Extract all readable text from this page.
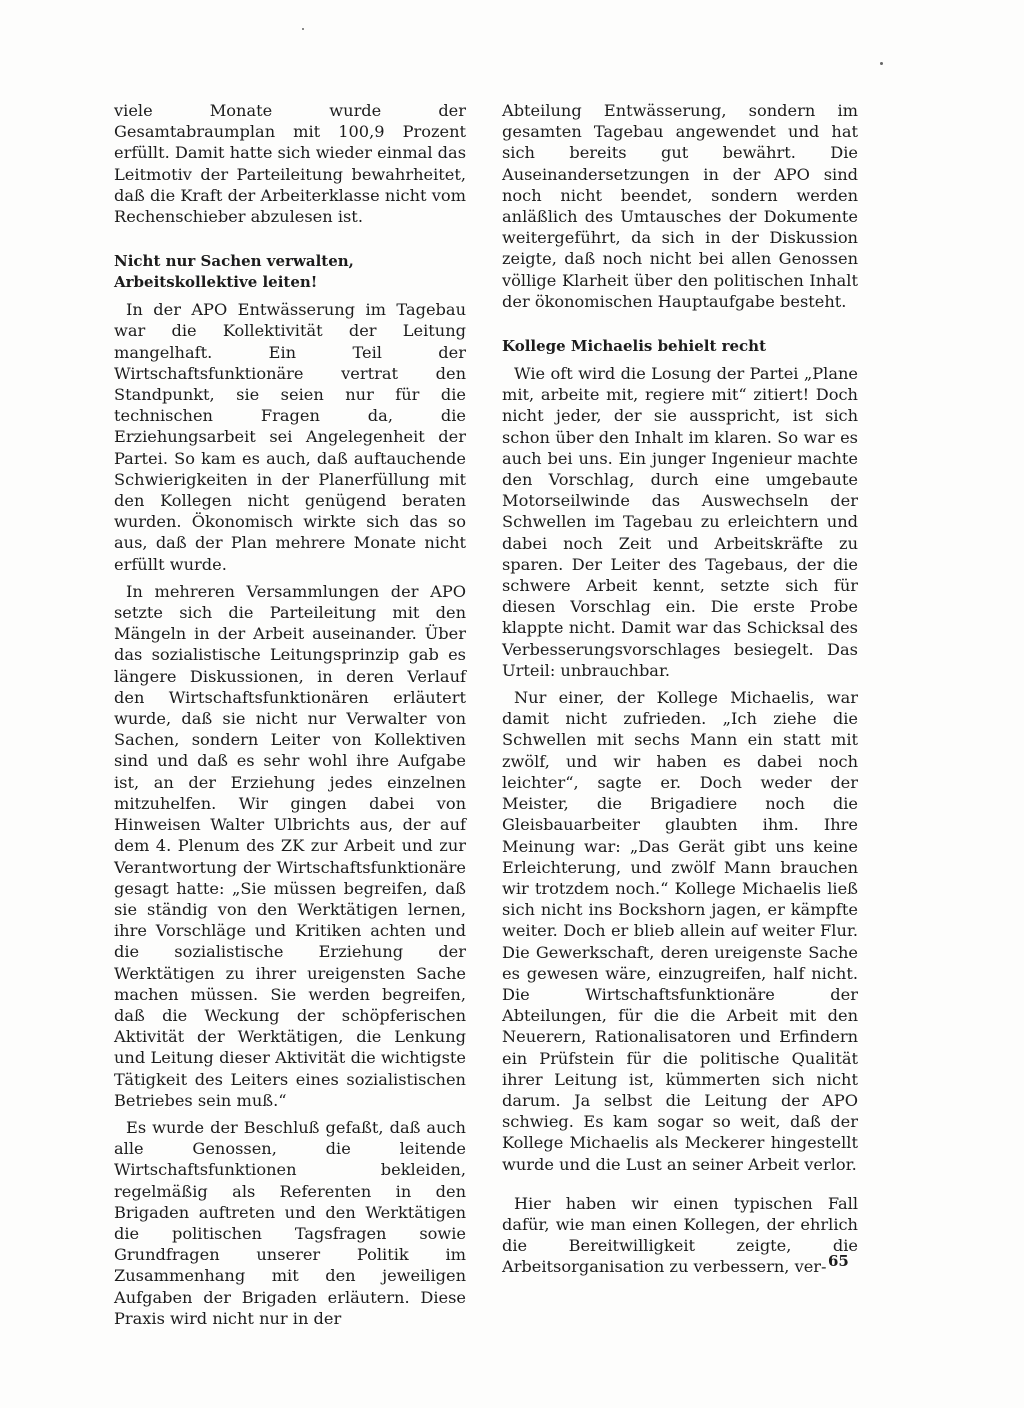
viele Monate wurde der Gesamtabraumplan mit 100,9 Prozent erfüllt. Damit hatte sich wieder einmal das Leitmotiv der Parteileitung bewahrheitet, daß die Kraft der Arbeiterklasse nicht vom Rechenschieber abzulesen ist.

Nicht nur Sachen verwalten, Arbeitskollektive leiten!

In der APO Entwässerung im Tagebau war die Kollektivität der Leitung mangelhaft. Ein Teil der Wirtschaftsfunktionäre vertrat den Standpunkt, sie seien nur für die technischen Fragen da, die Erziehungsarbeit sei Angelegenheit der Partei. So kam es auch, daß auftauchende Schwierigkeiten in der Planerfüllung mit den Kollegen nicht genügend beraten wurden. Ökonomisch wirkte sich das so aus, daß der Plan mehrere Monate nicht erfüllt wurde.

In mehreren Versammlungen der APO setzte sich die Parteileitung mit den Mängeln in der Arbeit auseinander. Über das sozialistische Leitungsprinzip gab es längere Diskussionen, in deren Verlauf den Wirtschaftsfunktionären erläutert wurde, daß sie nicht nur Verwalter von Sachen, sondern Leiter von Kollektiven sind und daß es sehr wohl ihre Aufgabe ist, an der Erziehung jedes einzelnen mitzuhelfen. Wir gingen dabei von Hinweisen Walter Ulbrichts aus, der auf dem 4. Plenum des ZK zur Arbeit und zur Verantwortung der Wirtschaftsfunktionäre gesagt hatte: „Sie müssen begreifen, daß sie ständig von den Werktätigen lernen, ihre Vorschläge und Kritiken achten und die sozialistische Erziehung der Werktätigen zu ihrer ureigensten Sache machen müssen. Sie werden begreifen, daß die Weckung der schöpferischen Aktivität der Werktätigen, die Lenkung und Leitung dieser Aktivität die wichtigste Tätigkeit des Leiters eines sozialistischen Betriebes sein muß.“

Es wurde der Beschluß gefaßt, daß auch alle Genossen, die leitende Wirtschaftsfunktionen bekleiden, regelmäßig als Referenten in den Brigaden auftreten und den Werktätigen die politischen Tagsfragen sowie Grundfragen unserer Politik im Zusammenhang mit den jeweiligen Aufgaben der Brigaden erläutern. Diese Praxis wird nicht nur in der

Abteilung Entwässerung, sondern im gesamten Tagebau angewendet und hat sich bereits gut bewährt. Die Auseinandersetzungen in der APO sind noch nicht beendet, sondern werden anläßlich des Umtausches der Dokumente weitergeführt, da sich in der Diskussion zeigte, daß noch nicht bei allen Genossen völlige Klarheit über den politischen Inhalt der ökonomischen Hauptaufgabe besteht.

Kollege Michaelis behielt recht

Wie oft wird die Losung der Partei „Plane mit, arbeite mit, regiere mit“ zitiert! Doch nicht jeder, der sie ausspricht, ist sich schon über den Inhalt im klaren. So war es auch bei uns. Ein junger Ingenieur machte den Vorschlag, durch eine umgebaute Motorseilwinde das Auswechseln der Schwellen im Tagebau zu erleichtern und dabei noch Zeit und Arbeitskräfte zu sparen. Der Leiter des Tagebaus, der die schwere Arbeit kennt, setzte sich für diesen Vorschlag ein. Die erste Probe klappte nicht. Damit war das Schicksal des Verbesserungsvorschlages besiegelt. Das Urteil: unbrauchbar.

Nur einer, der Kollege Michaelis, war damit nicht zufrieden. „Ich ziehe die Schwellen mit sechs Mann ein statt mit zwölf, und wir haben es dabei noch leichter“, sagte er. Doch weder der Meister, die Brigadiere noch die Gleisbauarbeiter glaubten ihm. Ihre Meinung war: „Das Gerät gibt uns keine Erleichterung, und zwölf Mann brauchen wir trotzdem noch.“ Kollege Michaelis ließ sich nicht ins Bockshorn jagen, er kämpfte weiter. Doch er blieb allein auf weiter Flur. Die Gewerkschaft, deren ureigenste Sache es gewesen wäre, einzugreifen, half nicht. Die Wirtschaftsfunktionäre der Abteilungen, für die die Arbeit mit den Neuerern, Rationalisatoren und Erfindern ein Prüfstein für die politische Qualität ihrer Leitung ist, kümmerten sich nicht darum. Ja selbst die Leitung der APO schwieg. Es kam sogar so weit, daß der Kollege Michaelis als Meckerer hingestellt wurde und die Lust an seiner Arbeit verlor.

Hier haben wir einen typischen Fall dafür, wie man einen Kollegen, der ehrlich die Bereitwilligkeit zeigte, die Arbeitsorganisation zu verbessern, ver- 65
